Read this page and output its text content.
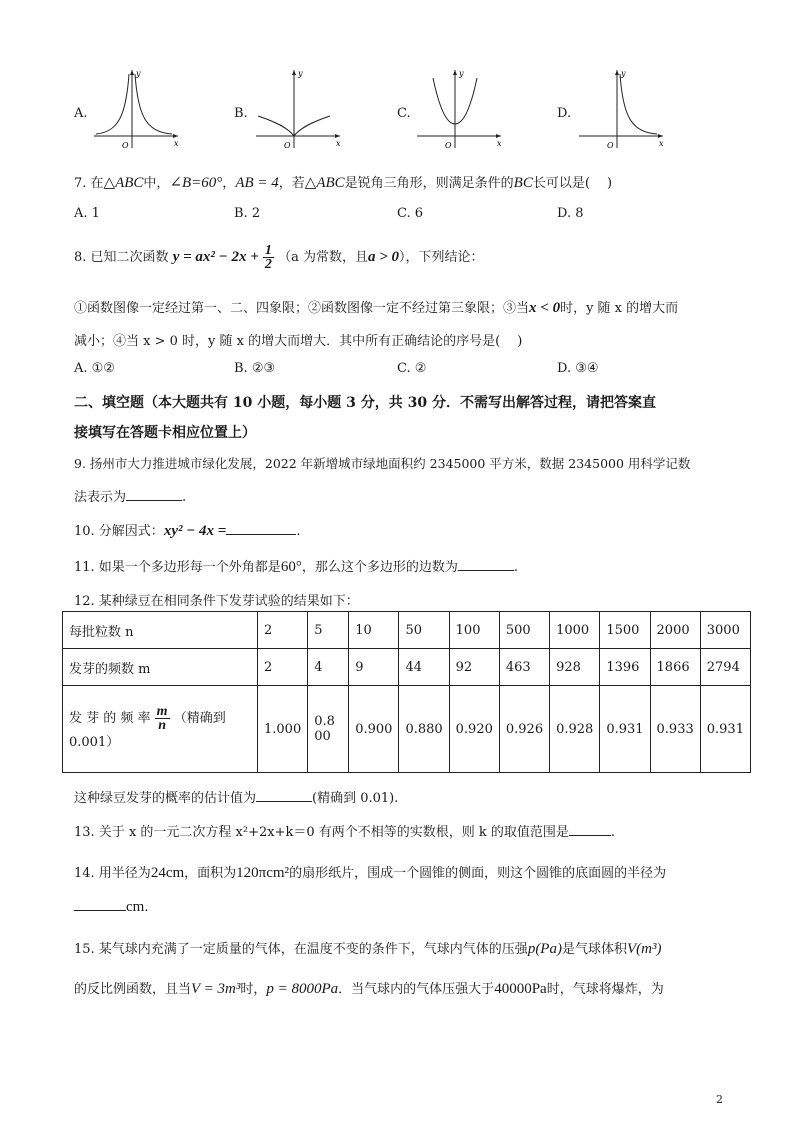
A.	B.	C.	D.
y
x
O
y
x
O
y
x
O
y
x
O
7. 在△ABC中，∠B=60°，AB = 4，若△ABC是锐角三角形，则满足条件的BC长可以是(　 )
A. 1	B. 2	C. 6	D. 8
8. 已知二次函数 $y = ax^2 - 2x + \frac{1}{2} (a$ 为常数，且a > 0），下列结论：
①函数图像一定经过第一、二、四象限；②函数图像一定不经过第三象限；③当x < 0时，y 随 x 的增大而
减小；④当 x > 0 时，y 随 x 的增大而增大．其中所有正确结论的序号是(　 )
A. ①②	B. ②③	C. ②	D. ③④
二、填空题（本大题共有 10 小题，每小题 3 分，共 30 分．不需写出解答过程，请把答案直
接填写在答题卡相应位置上）
9. 扬州市大力推进城市绿化发展，2022 年新增城市绿地面积约 2345000 平方米，数据 2345000 用科学记数
法表示为	.
10. 分解因式：xy² − 4x =	.
11. 如果一个多边形每一个外角都是60°，那么这个多边形的边数为	.
12. 某种绿豆在相同条件下发芽试验的结果如下：
每批粒数 n	2	5	10	50	100	500	1000	1500	2000	3000
发芽的频数 m	2	4	9	44	92	463	928	1396	1866	2794
发 芽 的 频 率 $\frac{m}{n}$ （精确到
0.001）	1.000	0.800	0.900	0.880	0.920	0.926	0.928	0.931	0.933	0.931
这种绿豆发芽的概率的估计值为	(精确到 0.01).
13. 关于 x 的一元二次方程 x²+2x+k＝0 有两个不相等的实数根，则 k 的取值范围是	.
14. 用半径为24cm，面积为120πcm²的扇形纸片，围成一个圆锥的侧面，则这个圆锥的底面圆的半径为
cm.
15. 某气球内充满了一定质量的气体，在温度不变的条件下，气球内气体的压强p(Pa)是气球体积V(m³)
的反比例函数，且当V = 3m³时，p = 8000Pa．当气球内的气体压强大于40000Pa时，气球将爆炸，为
2
